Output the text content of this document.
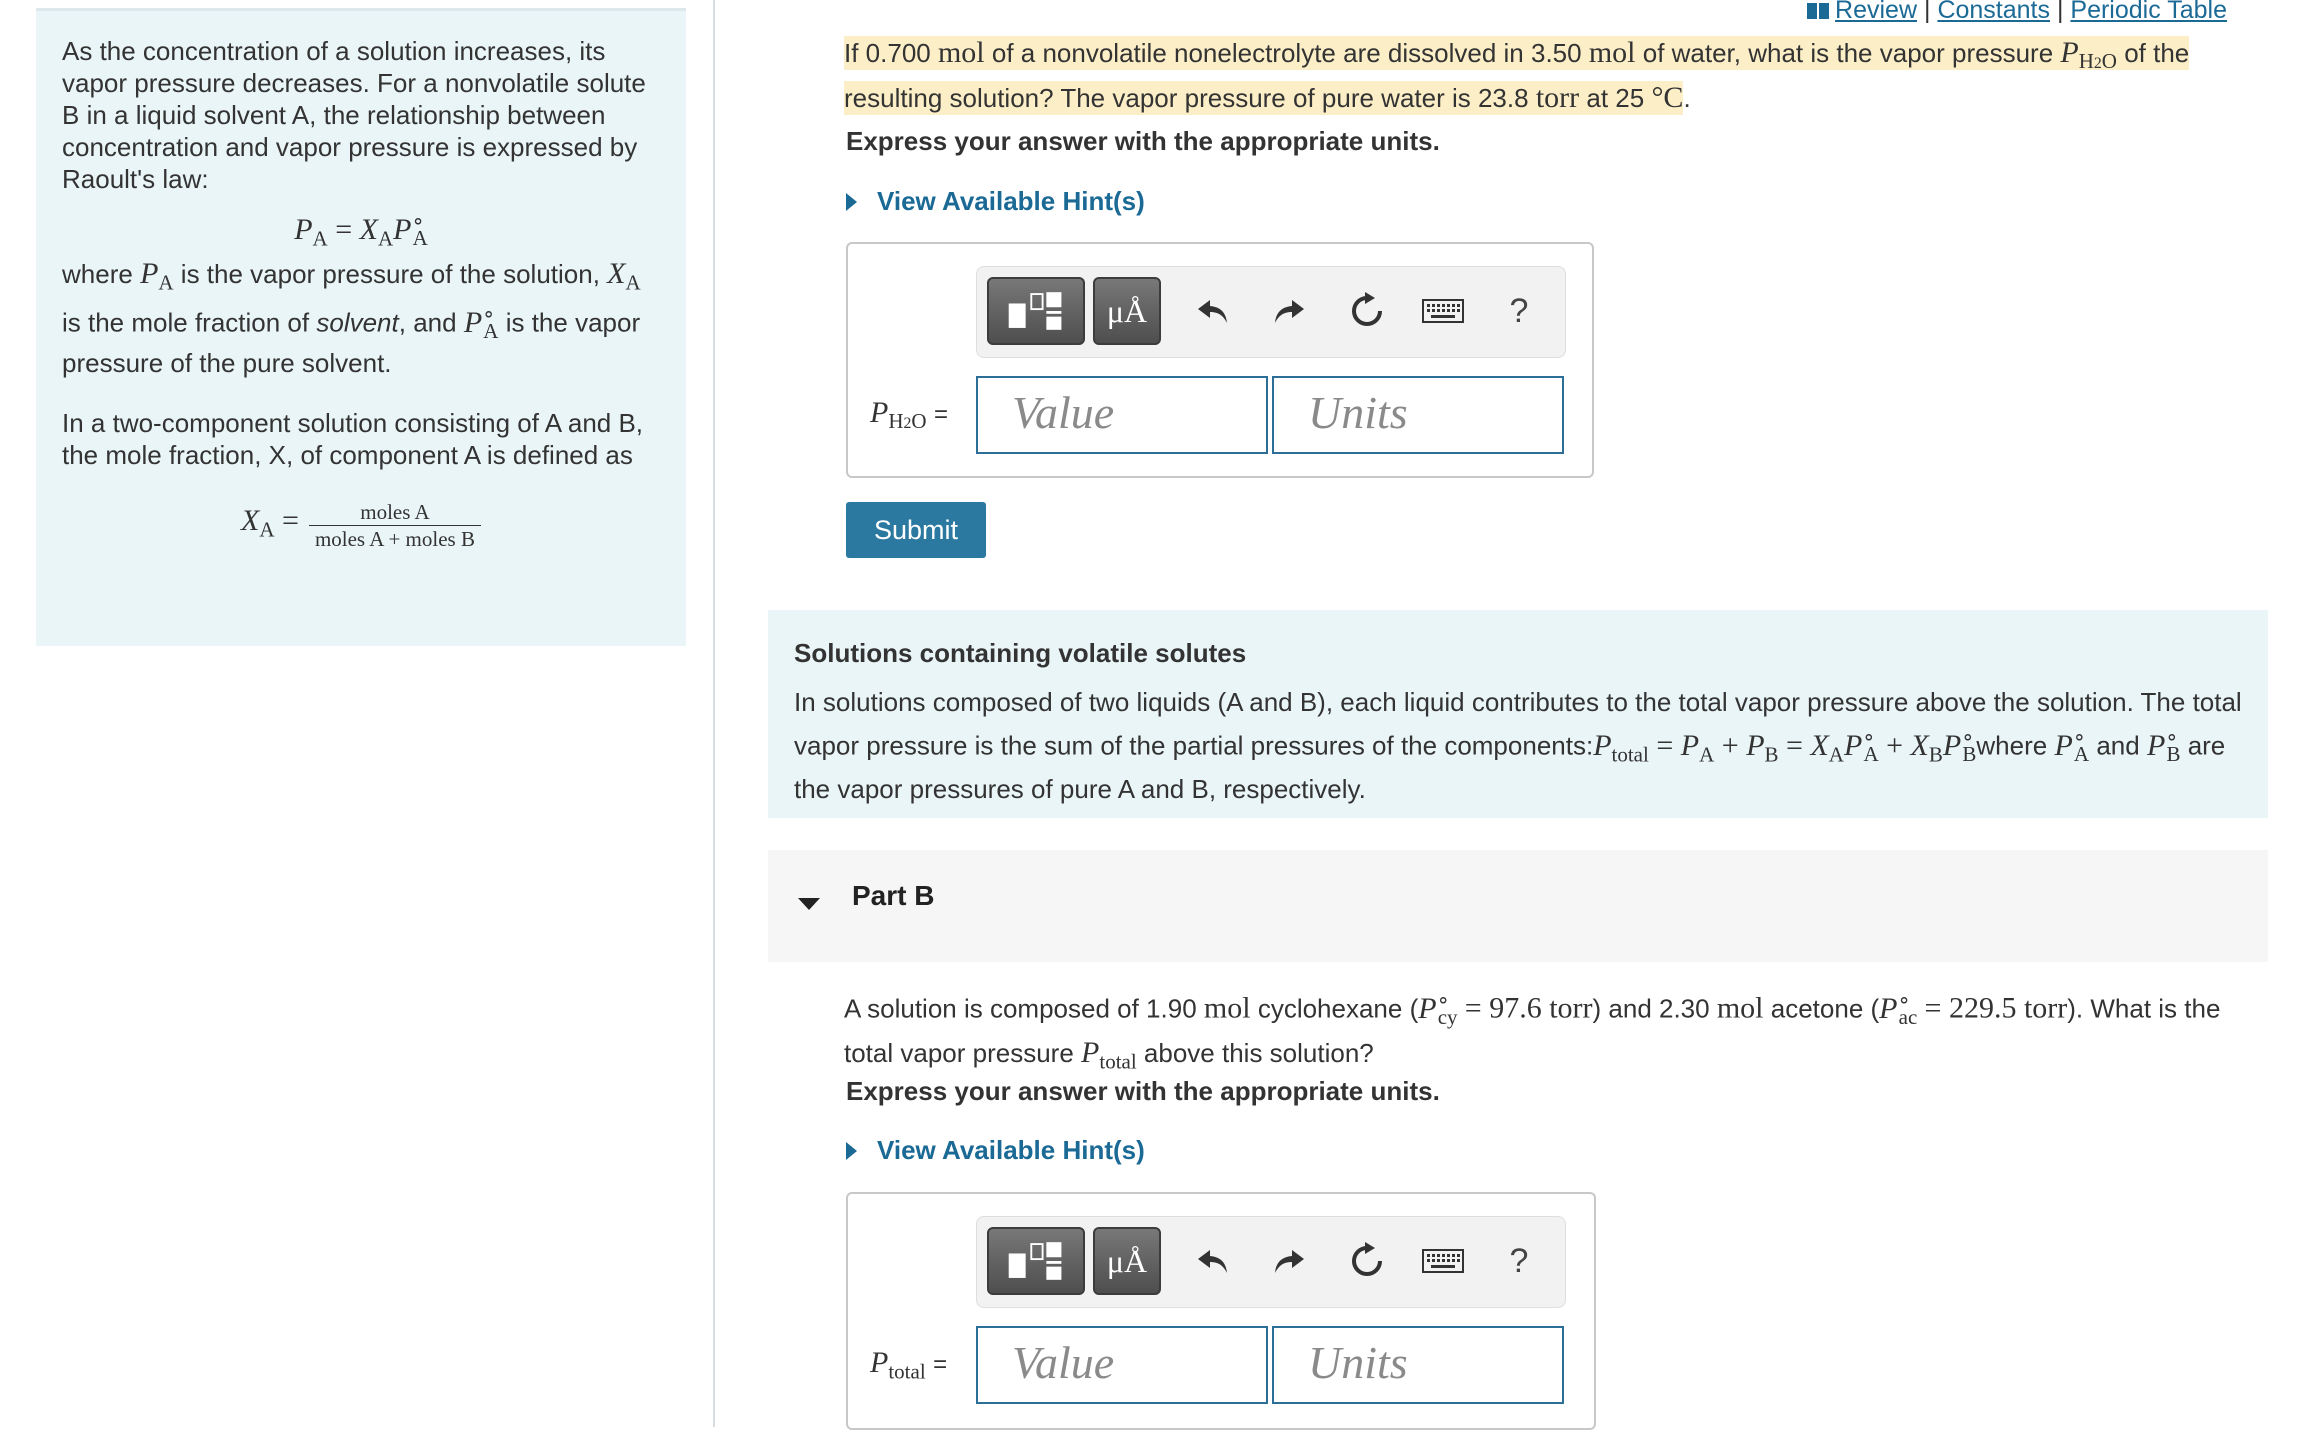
As the concentration of a solution increases, its vapor pressure decreases. For a nonvolatile solute B in a liquid solvent A, the relationship between concentration and vapor pressure is expressed by Raoult's law:

$P_A = X_AP^\circ_A$

where $P_A$ is the vapor pressure of the solution, $X_A$ is the mole fraction of solvent, and $P^\circ_A$ is the vapor pressure of the pure solvent.

In a two-component solution consisting of A and B, the mole fraction, X, of component A is defined as

$X_A = \frac{\text{moles A}}{\text{moles A + moles B}}$

Review | Constants | Periodic Table
If 0.700 mol of a nonvolatile nonelectrolyte are dissolved in 3.50 mol of water, what is the vapor pressure $P_{H2O}$ of the resulting solution? The vapor pressure of pure water is 23.8 torr at 25 °C.
Express your answer with the appropriate units.
View Available Hint(s)
μÅ	?
$P_{H2O}$ =	Value	Units
Submit
Solutions containing volatile solutes
In solutions composed of two liquids (A and B), each liquid contributes to the total vapor pressure above the solution. The total vapor pressure is the sum of the partial pressures of the $components:P_{total} = P_A + P_B = X_AP^\circ_A$ + $X_BP^\circ_Bwhere$ $P^\circ_A$ and $P^\circ_B$ are the vapor pressures of pure A and B, respectively.
Part B
A solution is composed of 1.90 mol cyclohexane ($P^\circ_{cy} = 97.6$ torr) and 2.30 mol acetone ($P^\circ_{ac} = 229.5$ torr). What is the total vapor pressure $P_{total}$ above this solution?
Express your answer with the appropriate units.
View Available Hint(s)
μÅ	?
$P_{total}$ =	Value	Units
